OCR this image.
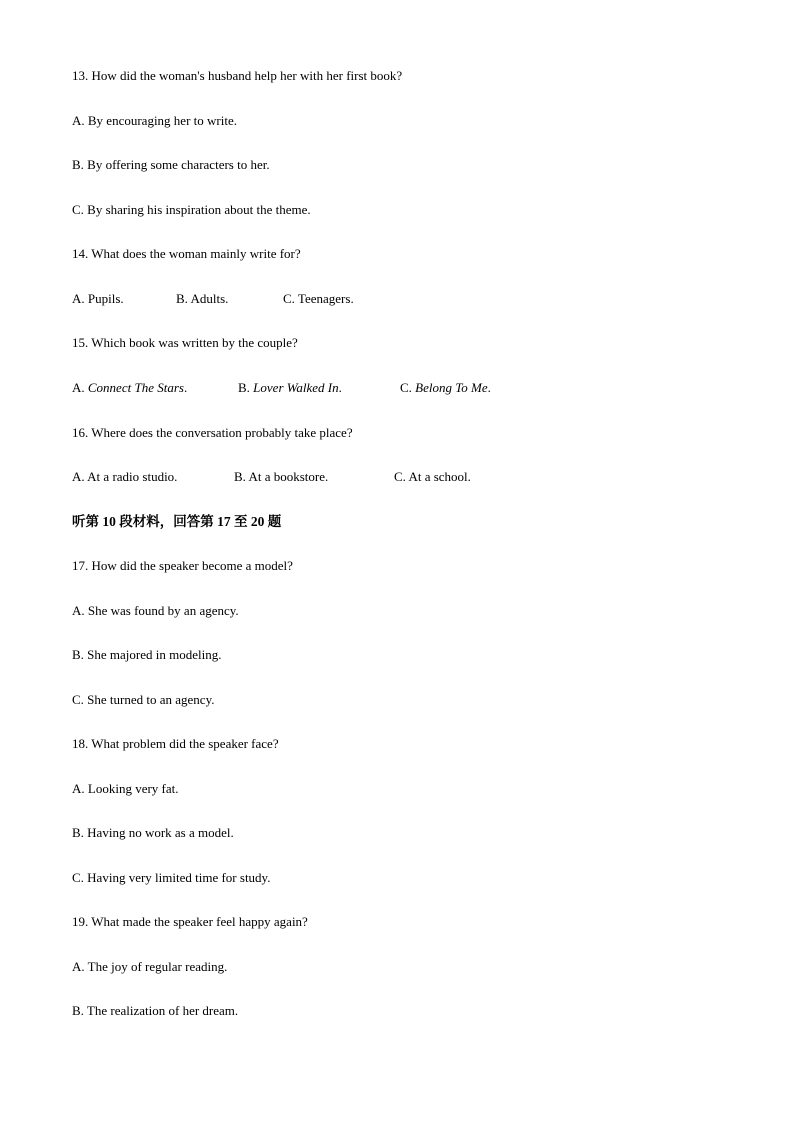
13. How did the woman's husband help her with her first book?
A. By encouraging her to write.
B. By offering some characters to her.
C. By sharing his inspiration about the theme.
14. What does the woman mainly write for?
A. Pupils.	B. Adults.	C. Teenagers.
15. Which book was written by the couple?
A. Connect The Stars.	B. Lover Walked In.	C. Belong To Me.
16. Where does the conversation probably take place?
A. At a radio studio.	B. At a bookstore.	C. At a school.
听第 10 段材料，回答第 17 至 20 题
17. How did the speaker become a model?
A. She was found by an agency.
B. She majored in modeling.
C. She turned to an agency.
18. What problem did the speaker face?
A. Looking very fat.
B. Having no work as a model.
C. Having very limited time for study.
19. What made the speaker feel happy again?
A. The joy of regular reading.
B. The realization of her dream.
